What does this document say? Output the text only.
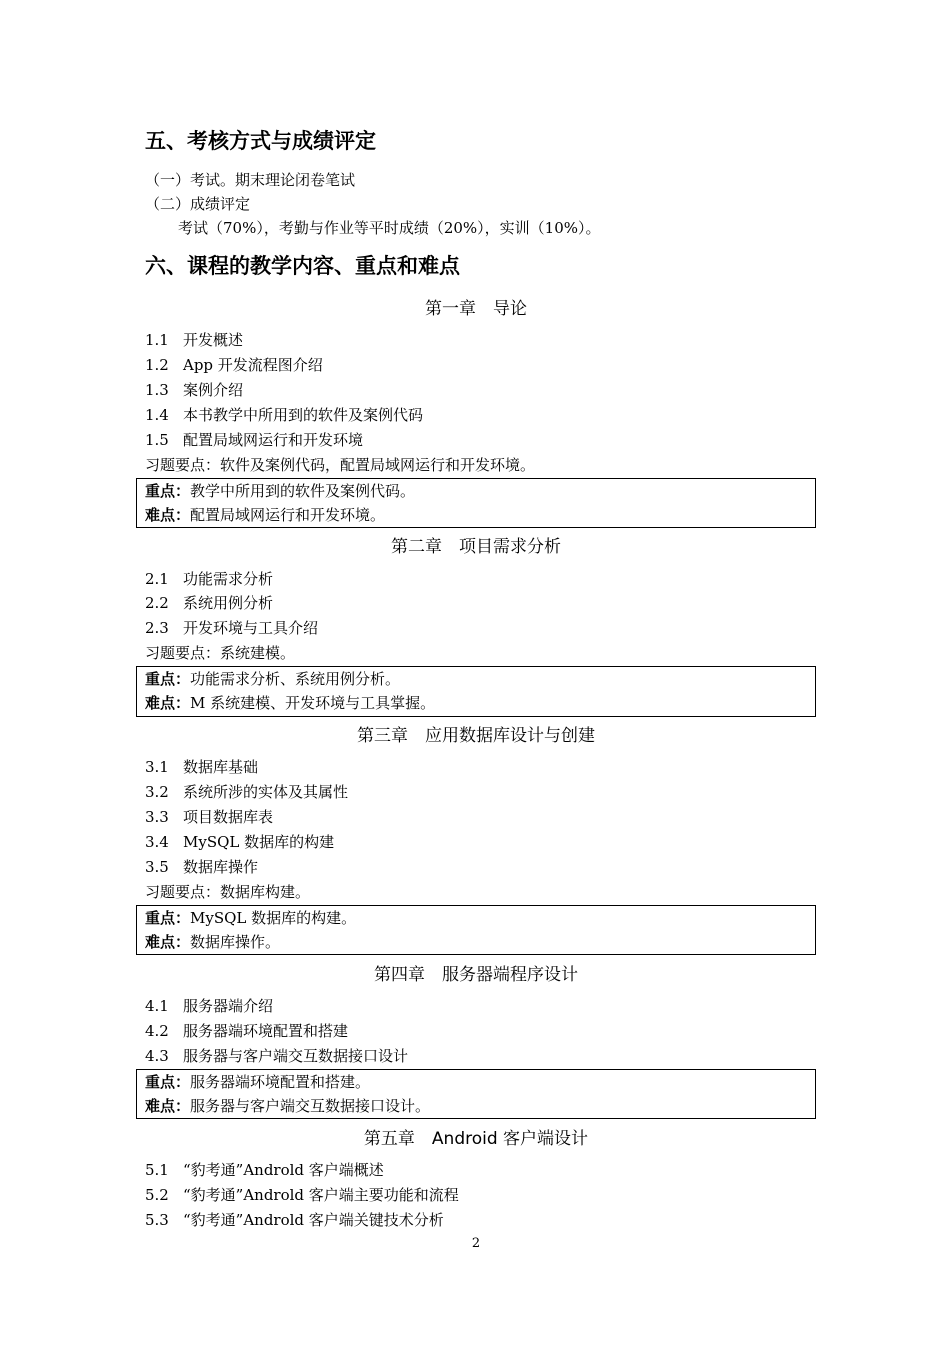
五、考核方式与成绩评定
（一）考试。期末理论闭卷笔试
（二）成绩评定
考试（70%），考勤与作业等平时成绩（20%），实训（10%）。
六、课程的教学内容、重点和难点
第一章　导论
1.1 开发概述
1.2 App 开发流程图介绍
1.3 案例介绍
1.4 本书教学中所用到的软件及案例代码
1.5 配置局域网运行和开发环境
习题要点：软件及案例代码，配置局域网运行和开发环境。
重点：教学中所用到的软件及案例代码。
难点：配置局域网运行和开发环境。
第二章　项目需求分析
2.1 功能需求分析
2.2 系统用例分析
2.3 开发环境与工具介绍
习题要点：系统建模。
重点：功能需求分析、系统用例分析。
难点：M 系统建模、开发环境与工具掌握。
第三章　应用数据库设计与创建
3.1 数据库基础
3.2 系统所涉的实体及其属性
3.3 项目数据库表
3.4 MySQL 数据库的构建
3.5 数据库操作
习题要点：数据库构建。
重点：MySQL 数据库的构建。
难点：数据库操作。
第四章　服务器端程序设计
4.1 服务器端介绍
4.2 服务器端环境配置和搭建
4.3 服务器与客户端交互数据接口设计
重点：服务器端环境配置和搭建。
难点：服务器与客户端交互数据接口设计。
第五章　Android 客户端设计
5.1 “豹考通”Androld 客户端概述
5.2 “豹考通”Androld 客户端主要功能和流程
5.3 “豹考通”Androld 客户端关键技术分析
2
